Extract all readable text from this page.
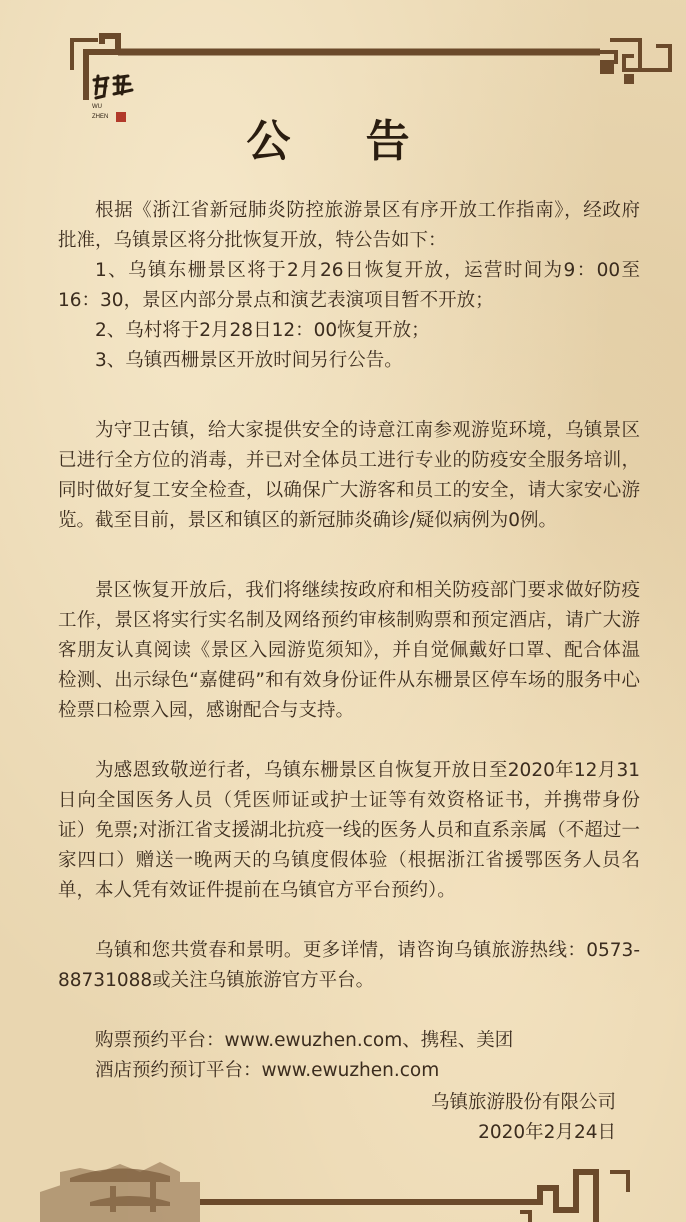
WU
ZHEN	公 告

根据《浙江省新冠肺炎防控旅游景区有序开放工作指南》，经政府批准，乌镇景区将分批恢复开放，特公告如下：

1、乌镇东栅景区将于2月26日恢复开放，运营时间为9：00至16：30，景区内部分景点和演艺表演项目暂不开放；

2、乌村将于2月28日12：00恢复开放；

3、乌镇西栅景区开放时间另行公告。

为守卫古镇，给大家提供安全的诗意江南参观游览环境，乌镇景区已进行全方位的消毒，并已对全体员工进行专业的防疫安全服务培训，同时做好复工安全检查，以确保广大游客和员工的安全，请大家安心游览。截至目前，景区和镇区的新冠肺炎确诊/疑似病例为0例。

景区恢复开放后，我们将继续按政府和相关防疫部门要求做好防疫工作，景区将实行实名制及网络预约审核制购票和预定酒店，请广大游客朋友认真阅读《景区入园游览须知》，并自觉佩戴好口罩、配合体温检测、出示绿色“嘉健码”和有效身份证件从东栅景区停车场的服务中心检票口检票入园，感谢配合与支持。

为感恩致敬逆行者，乌镇东栅景区自恢复开放日至2020年12月31日向全国医务人员（凭医师证或护士证等有效资格证书，并携带身份证）免票;对浙江省支援湖北抗疫一线的医务人员和直系亲属（不超过一家四口）赠送一晚两天的乌镇度假体验（根据浙江省援鄂医务人员名单，本人凭有效证件提前在乌镇官方平台预约）。

乌镇和您共赏春和景明。更多详情，请咨询乌镇旅游热线：0573-88731088或关注乌镇旅游官方平台。

购票预约平台：www.ewuzhen.com、携程、美团

酒店预约预订平台：www.ewuzhen.com

乌镇旅游股份有限公司
2020年2月24日
